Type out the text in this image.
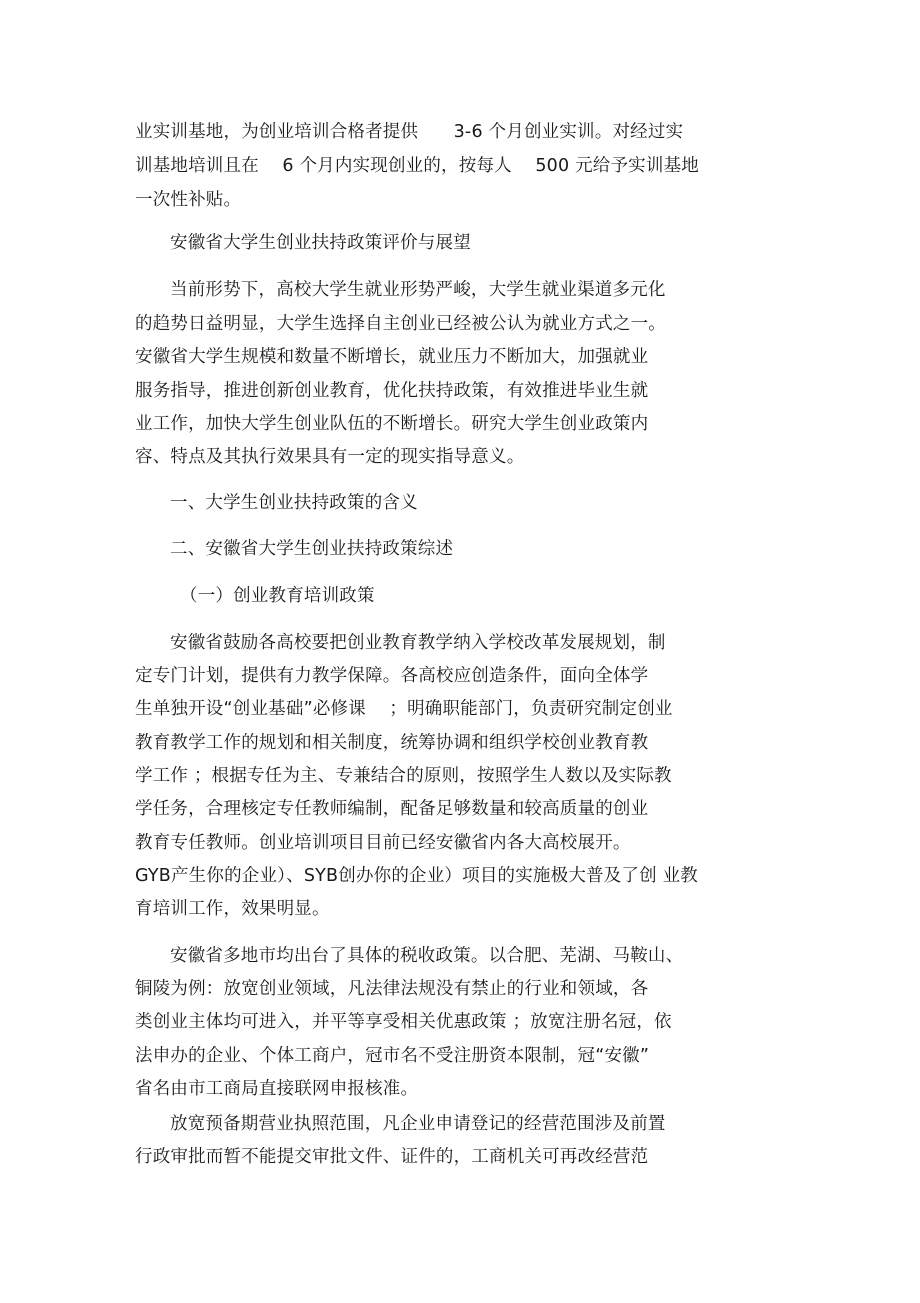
业实训基地，为创业培训合格者提供　　3-6 个月创业实训。对经过实
训基地培训且在　 6 个月内实现创业的，按每人　 500 元给予实训基地
一次性补贴。
安徽省大学生创业扶持政策评价与展望
当前形势下，高校大学生就业形势严峻，大学生就业渠道多元化
的趋势日益明显，大学生选择自主创业已经被公认为就业方式之一。
安徽省大学生规模和数量不断增长，就业压力不断加大，加强就业
服务指导，推进创新创业教育，优化扶持政策，有效推进毕业生就
业工作，加快大学生创业队伍的不断增长。研究大学生创业政策内
容、特点及其执行效果具有一定的现实指导意义。
一、大学生创业扶持政策的含义
二、安徽省大学生创业扶持政策综述
（一）创业教育培训政策
安徽省鼓励各高校要把创业教育教学纳入学校改革发展规划，制
定专门计划，提供有力教学保障。各高校应创造条件，面向全体学
生单独开设“创业基础”必修课　 ；明确职能部门，负责研究制定创业
教育教学工作的规划和相关制度，统筹协调和组织学校创业教育教
学工作 ；根据专任为主、专兼结合的原则，按照学生人数以及实际教
学任务，合理核定专任教师编制，配备足够数量和较高质量的创业
教育专任教师。创业培训项目目前已经安徽省内各大高校展开。
GYB产生你的企业）、SYB创办你的企业）项目的实施极大普及了创 业教
育培训工作，效果明显。
安徽省多地市均出台了具体的税收政策。以合肥、芜湖、马鞍山、
铜陵为例：放宽创业领域，凡法律法规没有禁止的行业和领域，各
类创业主体均可进入，并平等享受相关优惠政策 ；放宽注册名冠，依
法申办的企业、个体工商户，冠市名不受注册资本限制，冠“安徽”
省名由市工商局直接联网申报核准。
放宽预备期营业执照范围，凡企业申请登记的经营范围涉及前置
行政审批而暂不能提交审批文件、证件的，工商机关可再改经营范
